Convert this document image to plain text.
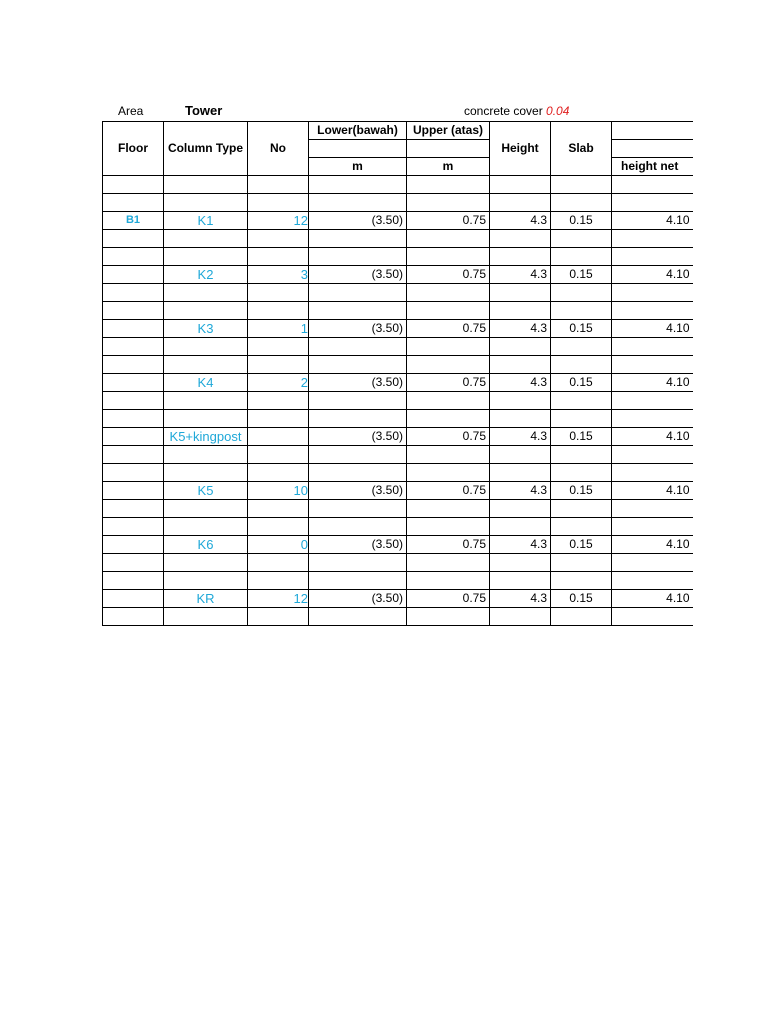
Area	Tower	concrete cover 0.04
Floor	Column Type	No	Lower(bawah)	Upper (atas)	Height	Slab	

			m	m			height net

B1	K1	12	(3.50)	0.75	4.3	0.15	4.10

	K2	3	(3.50)	0.75	4.3	0.15	4.10

	K3	1	(3.50)	0.75	4.3	0.15	4.10

	K4	2	(3.50)	0.75	4.3	0.15	4.10

	K5+kingpost		(3.50)	0.75	4.3	0.15	4.10

	K5	10	(3.50)	0.75	4.3	0.15	4.10

	K6	0	(3.50)	0.75	4.3	0.15	4.10

	KR	12	(3.50)	0.75	4.3	0.15	4.10
